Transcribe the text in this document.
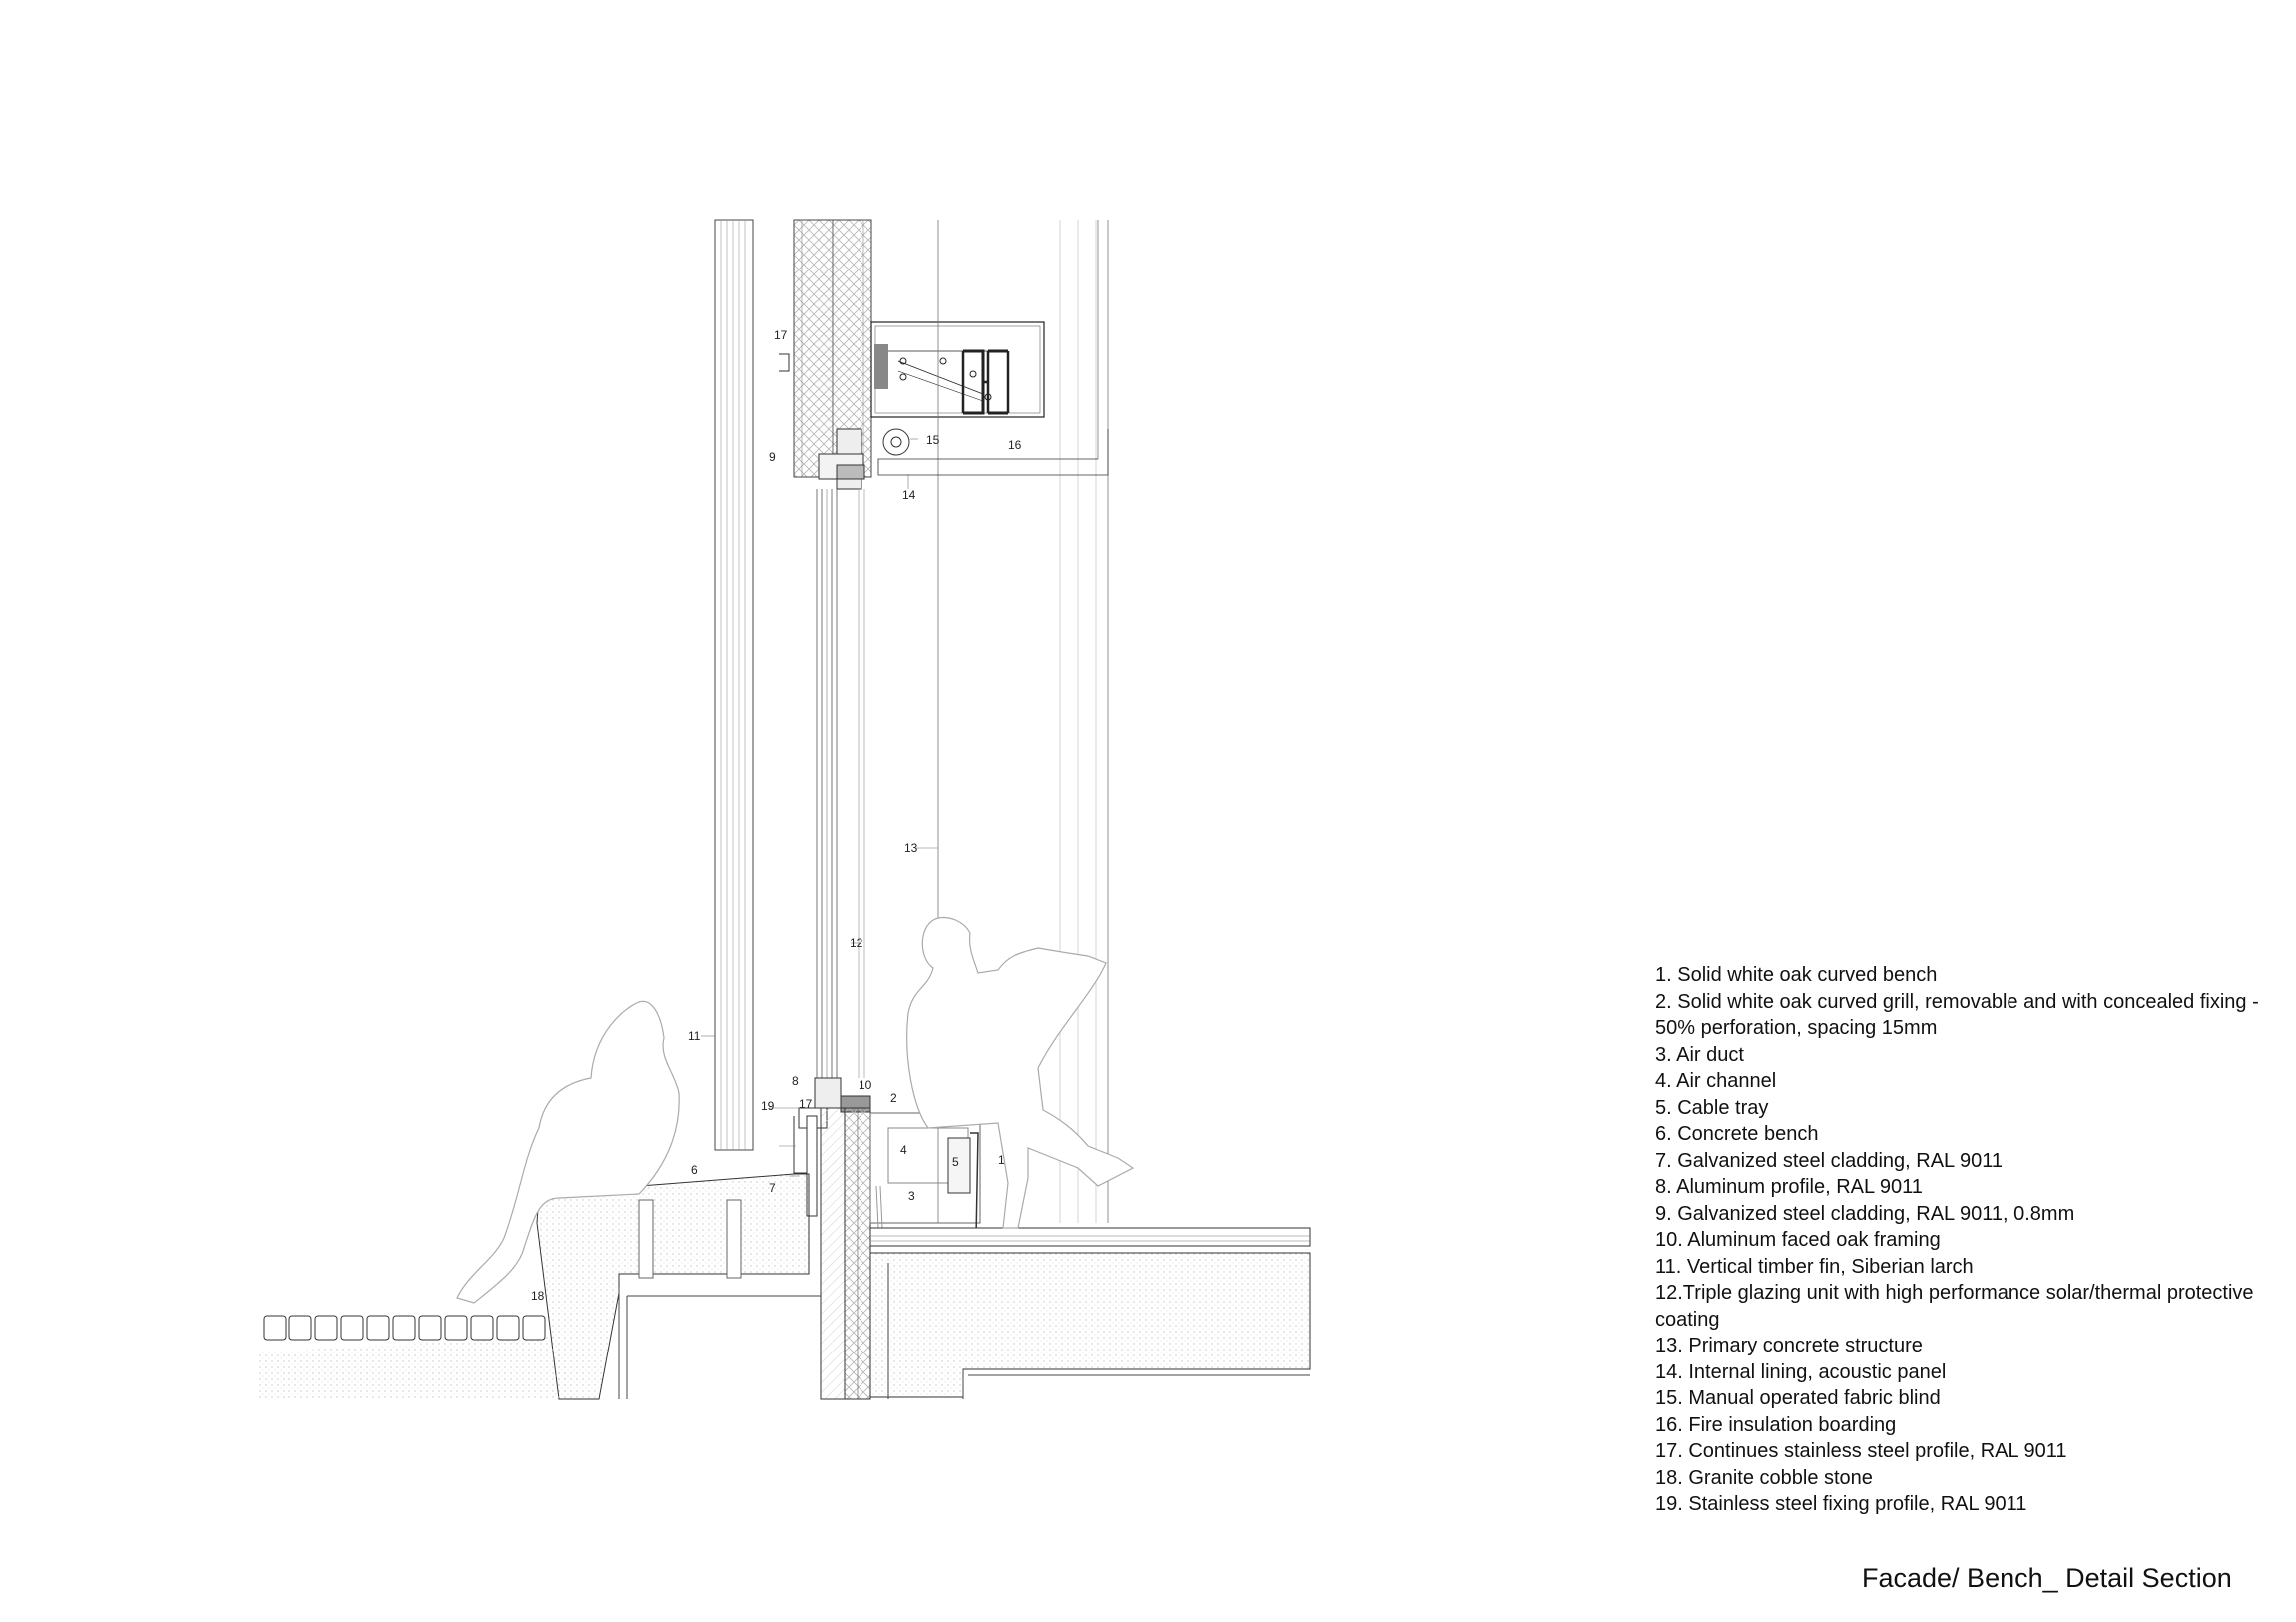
1
2
3
4
5
6
7
8
9
10
11
12
13
14
15	16
17
17
18
19
1. Solid white oak curved bench
2. Solid white oak curved grill, removable and with concealed fixing - 50% perforation, spacing 15mm
3. Air duct
4. Air channel
5. Cable tray
6. Concrete bench
7. Galvanized steel cladding, RAL 9011
8. Aluminum profile, RAL 9011
9. Galvanized steel cladding, RAL 9011, 0.8mm
10. Aluminum faced oak framing
11. Vertical timber fin, Siberian larch
12.Triple glazing unit with high performance solar/thermal protective coating
13. Primary concrete structure
14. Internal lining, acoustic panel
15. Manual operated fabric blind
16. Fire insulation boarding
17. Continues stainless steel profile, RAL 9011
18. Granite cobble stone
19. Stainless steel fixing profile, RAL 9011
Facade/ Bench_ Detail Section
